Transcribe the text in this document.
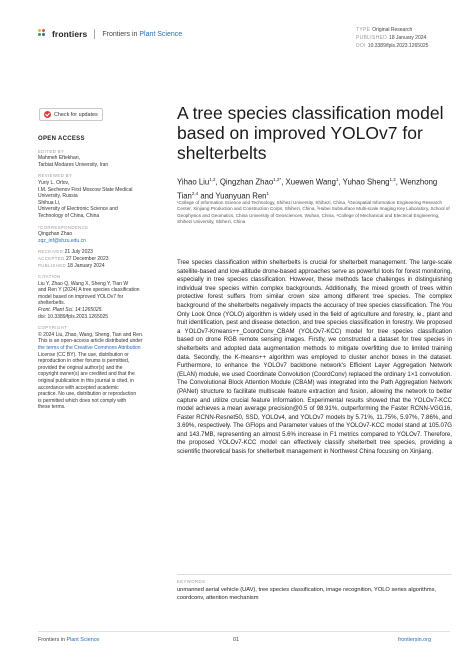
frontiers Frontiers in Plant Science
TYPE Original Research
PUBLISHED 18 January 2024
DOI 10.3389/fpls.2023.1265025
Check for updates
OPEN ACCESS
EDITED BY
Mahmeh Eftekhari,
Tarbiat Modares University, Iran
REVIEWED BY
Yuriy L. Orlov,
I.M. Sechenov First Moscow State Medical
University, Russia
Shihua Li,
University of Electronic Science and
Technology of China, China
*CORRESPONDENCE
Qingzhan Zhao
zqz_inf@shzu.edu.cn
RECEIVED 21 July 2023
ACCEPTED 27 December 2023
PUBLISHED 18 January 2024
CITATION
Liu Y, Zhao Q, Wang X, Sheng Y, Tian W
and Ren Y (2024) A tree species classification
model based on improved YOLOv7 for
shelterbelts.
Front. Plant Sci. 14:1265025.
doi: 10.3389/fpls.2023.1265025
COPYRIGHT
© 2024 Liu, Zhao, Wang, Sheng, Tian and Ren.
This is an open-access article distributed under
the terms of the Creative Commons Attribution
License (CC BY). The use, distribution or
reproduction in other forums is permitted,
provided the original author(s) and the
copyright owner(s) are credited and that the
original publication in this journal is cited, in
accordance with accepted academic
practice. No use, distribution or reproduction
is permitted which does not comply with
these terms.
A tree species classification model based on improved YOLOv7 for shelterbelts
Yihao Liu$^{1,2}$, Qingzhan Zhao$^{1,2*}$, Xuewen Wang$^1$, Yuhao Sheng$^{1,2}$, Wenzhong Tian$^{2,4}$ and Yuanyuan Ren$^1$
¹College of Information Science and Technology, Shihezi University, Shihezi, China, ²Geospatial Information Engineering Research Center, Xinjiang Production and Construction Corps, Shihezi, China, ³Hubei Subsurface Multi-scale Imaging Key Laboratory, School of Geophysics and Geomatics, China University of Geosciences, Wuhan, China, ⁴College of Mechanical and Electrical Engineering, Shihezi University, Shihezi, China
Tree species classification within shelterbelts is crucial for shelterbelt management. The large-scale satellite-based and low-altitude drone-based approaches serve as powerful tools for forest monitoring, especially in tree species classification. However, these methods face challenges in distinguishing individual tree species within complex backgrounds. Additionally, the mixed growth of trees within protective forest suffers from similar crown size among different tree species. The complex background of the shelterbelts negatively impacts the accuracy of tree species classification. The You Only Look Once (YOLO) algorithm is widely used in the field of agriculture and forestry, ie., plant and fruit identification, pest and disease detection, and tree species classification in forestry. We proposed a YOLOv7-Kmeans++_CoordConv_CBAM (YOLOv7-KCC) model for tree species classification based on drone RGB remote sensing images. Firstly, we constructed a dataset for tree species in shelterbelts and adopted data augmentation methods to mitigate overfitting due to limited training data. Secondly, the K-means++ algorithm was employed to cluster anchor boxes in the dataset. Furthermore, to enhance the YOLOv7 backbone network's Efficient Layer Aggregation Network (ELAN) module, we used Coordinate Convolution (CoordConv) replaced the ordinary 1×1 convolution. The Convolutional Block Attention Module (CBAM) was integrated into the Path Aggregation Network (PANet) structure to facilitate multiscale feature extraction and fusion, allowing the network to better capture and utilize crucial feature information. Experimental results showed that the YOLOv7-KCC model achieves a mean average precision@0.5 of 98.91%, outperforming the Faster RCNN-VGG16, Faster RCNN-Resnet50, SSD, YOLOv4, and YOLOv7 models by 5.71%, 11.75%, 5.97%, 7.86%, and 3.69%, respectively. The GFlops and Parameter values of the YOLOv7-KCC model stand at 105.07G and 143.7MB, representing an almost 5.6% increase in F1 metrics compared to YOLOv7. Therefore, the proposed YOLOv7-KCC model can effectively classify shelterbelt tree species, providing a scientific theoretical basis for shelterbelt management in Northwest China focusing on Xinjiang.
KEYWORDS
unmanned aerial vehicle (UAV), tree species classification, image recognition, YOLO series algorithms, coordconv, attention mechanism
Frontiers in Plant Science	01	frontiersin.org
